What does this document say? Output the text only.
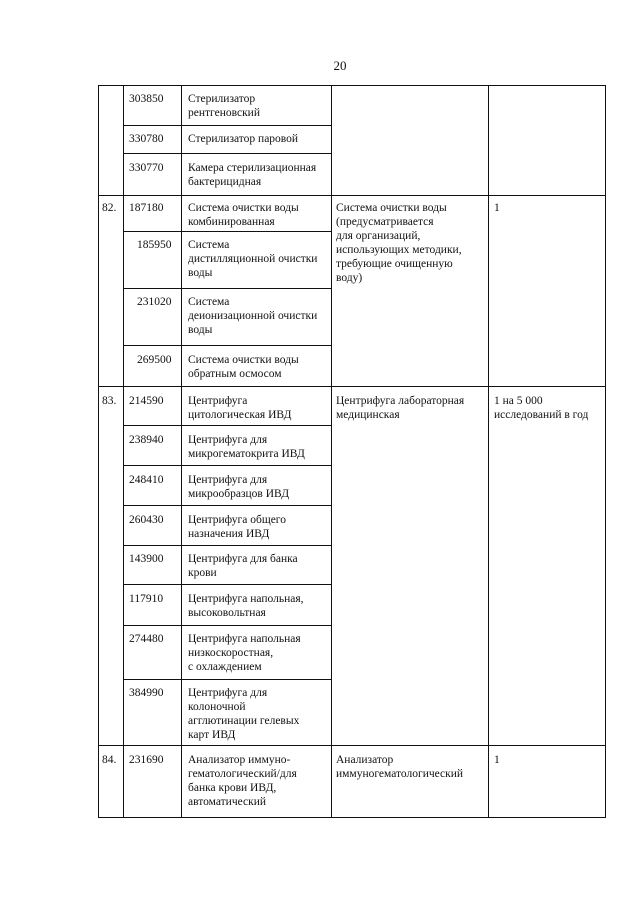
20
303850 Стерилизатор
рентгеновский
330780 Стерилизатор паровой
330770 Камера стерилизационная
бактерицидная
82. 187180 Система очистки воды
комбинированная
185950 Система
дистилляционной очистки
воды
231020 Система
деионизационной очистки
воды
269500 Система очистки воды
обратным осмосом
Система очистки воды
(предусматривается
для организаций,
использующих методики,
требующие очищенную
воду)
1
83. 214590 Центрифуга
цитологическая ИВД
238940 Центрифуга для
микрогематокрита ИВД
248410 Центрифуга для
микрообразцов ИВД
260430 Центрифуга общего
назначения ИВД
143900 Центрифуга для банка
крови
117910 Центрифуга напольная,
высоковольтная
274480 Центрифуга напольная
низкоскоростная,
с охлаждением
384990 Центрифуга для
колоночной
агглютинации гелевых
карт ИВД
Центрифуга лабораторная
медицинская
1 на 5 000
исследований в год
84. 231690 Анализатор иммуно-
гематологический/для
банка крови ИВД,
автоматический
Анализатор
иммуногематологический
1
